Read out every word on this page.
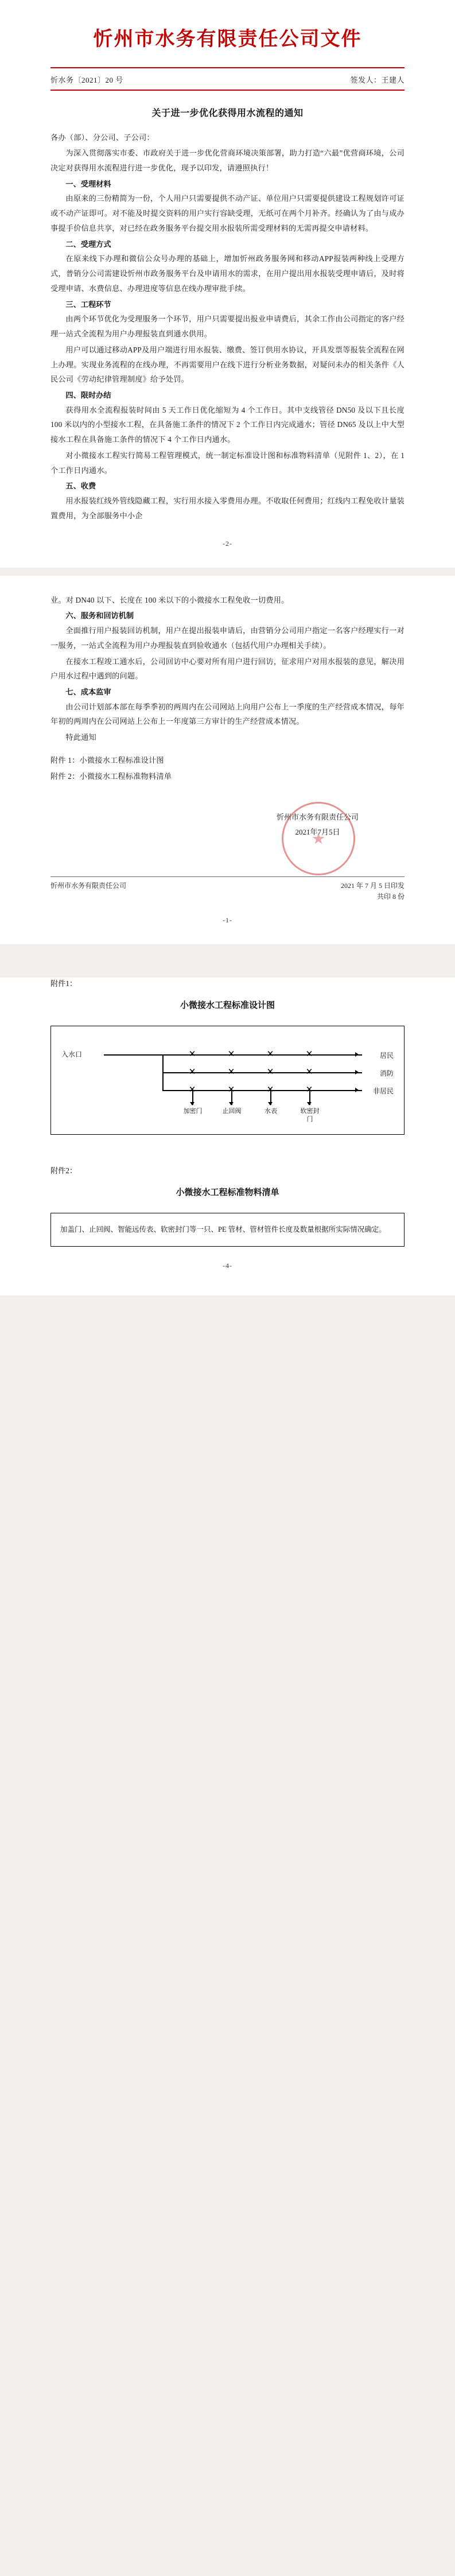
忻州市水务有限责任公司文件
忻水务〔2021〕20 号	签发人：王建人
关于进一步优化获得用水流程的通知

各办（部）、分公司、子公司：

为深入贯彻落实市委、市政府关于进一步优化营商环境决策部署，助力打造“六最”优营商环境，公司决定对获得用水流程进行进一步优化，现予以印发，请遵照执行！

一、受理材料

由原来的三份精简为一份，个人用户只需要提供不动产证、单位用户只需要提供建设工程规划许可证或不动产证即可。对不能及时提交资料的用户实行容缺受理，无纸可在两个月补齐。经确认为了由与成办事提手价信息共享，对已经在政务服务平台提交用水报装所需受理材料的无需再提交申请材料。

二、受理方式

在原来线下办理和微信公众号办理的基础上，增加忻州政务服务网和移动APP报装两种线上受理方式，普销分公司需建设忻州市政务服务平台及申请用水的需求，在用户提出用水报装受理申请后，及时将受理申请、水费信息、办理进度等信息在线办理审批手续。

三、工程环节

由两个环节优化为受理服务一个环节，用户只需要提出报业申请费后，其余工作由公司指定的客户经理一站式全流程为用户办理报装直到通水供用。

用户可以通过移动APP及用户端进行用水报装、缴费、签订供用水协议，开具发票等报装全流程在网上办理。实现业务流程的在线办理，不再需要用户在线下进行分析业务数据，对疑问未办的相关条件《人民公司《劳动纪律管理制度》给予处罚。

四、限时办结

获得用水全流程报装时间由 5 天工作日优化缩短为 4 个工作日。其中支线管径 DN50 及以下且长度 100 米以内的小型接水工程，在具备施工条件的情况下 2 个工作日内完成通水；管径 DN65 及以上中大型接水工程在具备施工条件的情况下 4 个工作日内通水。

对小微接水工程实行简易工程管理模式，统一制定标准设计图和标准物料清单（见附件 1、2），在 1 个工作日内通水。

五、收费

用水报装红线外管线隐藏工程，实行用水接入零费用办理。不收取任何费用；红线内工程免收计量装置费用，为全部服务中小企

-2-

业。对 DN40 以下、长度在 100 米以下的小微接水工程免收一切费用。

六、服务和回访机制

全面推行用户报装回访机制，用户在提出报装申请后，由营销分公司用户指定一名客户经理实行一对一服务，一站式全流程为用户办理报装直到验收通水（包括代用户办理相关手续）。

在接水工程竣工通水后，公司回访中心要对所有用户进行回访，征求用户对用水报装的意见，解决用户用水过程中遇到的问题。

七、成本监审

由公司计划部本部在每季季初的两周内在公司网站上向用户公布上一季度的生产经营成本情况，每年年初的两周内在公司网站上公布上一年度第三方审计的生产经营成本情况。

特此通知

附件 1：小微接水工程标准设计图

附件 2：小微接水工程标准物料清单

忻州市水务有限责任公司
2021年7月5日
忻州市水务有限责任公司	2021 年 7 月 5 日印发
共印 8 份
-1-
附件1：
小微接水工程标准设计图
入水口	✕	✕	✕	✕
✕	✕	✕	✕
✕	✕	✕	✕
居民
消防
非居民
加密门	止回阀	水表	软密封门
附件2：
小微接水工程标准物料清单
加盖门、止回阀、智能远传表、软密封门等一只、PE 管材、管材管件长度及数量根据所实际情况确定。
-4-
